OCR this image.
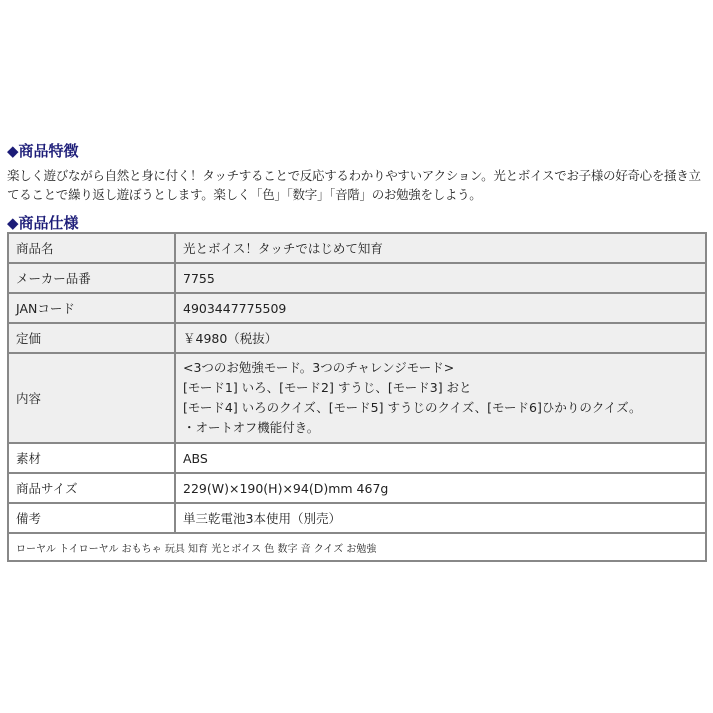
◆商品特徴
楽しく遊びながら自然と身に付く！タッチすることで反応するわかりやすいアクション。光とボイスでお子様の好奇心を掻き立てることで繰り返し遊ぼうとします。楽しく「色」「数字」「音階」のお勉強をしよう。
◆商品仕様
商品名	光とボイス！タッチではじめて知育
メーカー品番	7755
JANコード	4903447775509
定価	￥4980（税抜）
内容	<3つのお勉強モード。3つのチャレンジモード>
[モード1] いろ、[モード2] すうじ、[モード3] おと
[モード4] いろのクイズ、[モード5] すうじのクイズ、[モード6]ひかりのクイズ。
・オートオフ機能付き。

素材	ABS
商品サイズ	229(W)×190(H)×94(D)mm 467g
備考	単三乾電池3本使用（別売）
ローヤル トイローヤル おもちゃ 玩具 知育 光とボイス 色 数字 音 クイズ お勉強	
